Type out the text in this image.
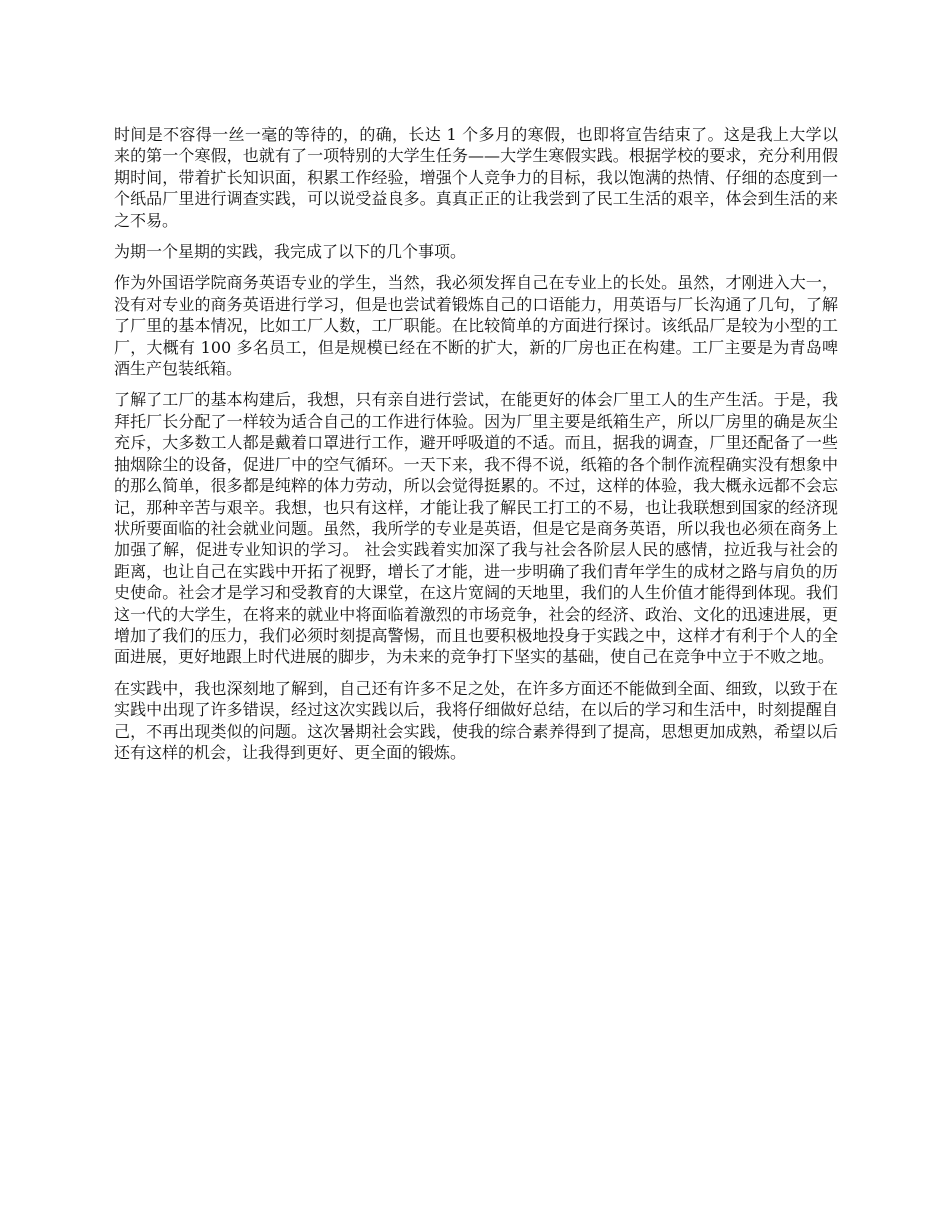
时间是不容得一丝一毫的等待的，的确，长达 1 个多月的寒假，也即将宣告结束了。这是我上大学以来的第一个寒假，也就有了一项特别的大学生任务——大学生寒假实践。根据学校的要求，充分利用假期时间，带着扩长知识面，积累工作经验，增强个人竞争力的目标，我以饱满的热情、仔细的态度到一个纸品厂里进行调查实践，可以说受益良多。真真正正的让我尝到了民工生活的艰辛，体会到生活的来之不易。

为期一个星期的实践，我完成了以下的几个事项。

作为外国语学院商务英语专业的学生，当然，我必须发挥自己在专业上的长处。虽然，才刚进入大一，没有对专业的商务英语进行学习，但是也尝试着锻炼自己的口语能力，用英语与厂长沟通了几句，了解了厂里的基本情况，比如工厂人数，工厂职能。在比较简单的方面进行探讨。该纸品厂是较为小型的工厂，大概有 100 多名员工，但是规模已经在不断的扩大，新的厂房也正在构建。工厂主要是为青岛啤酒生产包装纸箱。

了解了工厂的基本构建后，我想，只有亲自进行尝试，在能更好的体会厂里工人的生产生活。于是，我拜托厂长分配了一样较为适合自己的工作进行体验。因为厂里主要是纸箱生产，所以厂房里的确是灰尘充斥，大多数工人都是戴着口罩进行工作，避开呼吸道的不适。而且，据我的调查，厂里还配备了一些抽烟除尘的设备，促进厂中的空气循环。一天下来，我不得不说，纸箱的各个制作流程确实没有想象中的那么简单，很多都是纯粹的体力劳动，所以会觉得挺累的。不过，这样的体验，我大概永远都不会忘记，那种辛苦与艰辛。我想，也只有这样，才能让我了解民工打工的不易，也让我联想到国家的经济现状所要面临的社会就业问题。虽然，我所学的专业是英语，但是它是商务英语，所以我也必须在商务上加强了解，促进专业知识的学习。 社会实践着实加深了我与社会各阶层人民的感情，拉近我与社会的距离，也让自己在实践中开拓了视野，增长了才能，进一步明确了我们青年学生的成材之路与肩负的历史使命。社会才是学习和受教育的大课堂，在这片宽阔的天地里，我们的人生价值才能得到体现。我们这一代的大学生，在将来的就业中将面临着激烈的市场竞争，社会的经济、政治、文化的迅速进展，更增加了我们的压力，我们必须时刻提高警惕，而且也要积极地投身于实践之中，这样才有利于个人的全面进展，更好地跟上时代进展的脚步，为未来的竞争打下坚实的基础，使自己在竞争中立于不败之地。

在实践中，我也深刻地了解到，自己还有许多不足之处，在许多方面还不能做到全面、细致，以致于在实践中出现了许多错误，经过这次实践以后，我将仔细做好总结，在以后的学习和生活中，时刻提醒自己，不再出现类似的问题。这次暑期社会实践，使我的综合素养得到了提高，思想更加成熟，希望以后还有这样的机会，让我得到更好、更全面的锻炼。
